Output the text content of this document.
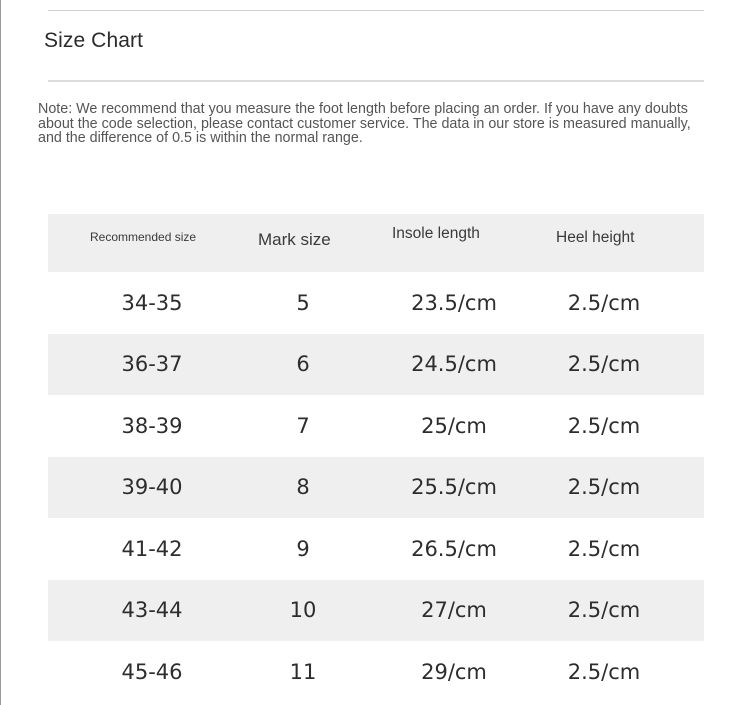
Size Chart
Note: We recommend that you measure the foot length before placing an order. If you have any doubts about the code selection, please contact customer service. The data in our store is measured manually, and the difference of 0.5 is within the normal range.
Recommended size	Mark size	Insole length	Heel height
34-35	5	23.5/cm	2.5/cm
36-37	6	24.5/cm	2.5/cm
38-39	7	25/cm	2.5/cm
39-40	8	25.5/cm	2.5/cm
41-42	9	26.5/cm	2.5/cm
43-44	10	27/cm	2.5/cm
45-46	11	29/cm	2.5/cm
